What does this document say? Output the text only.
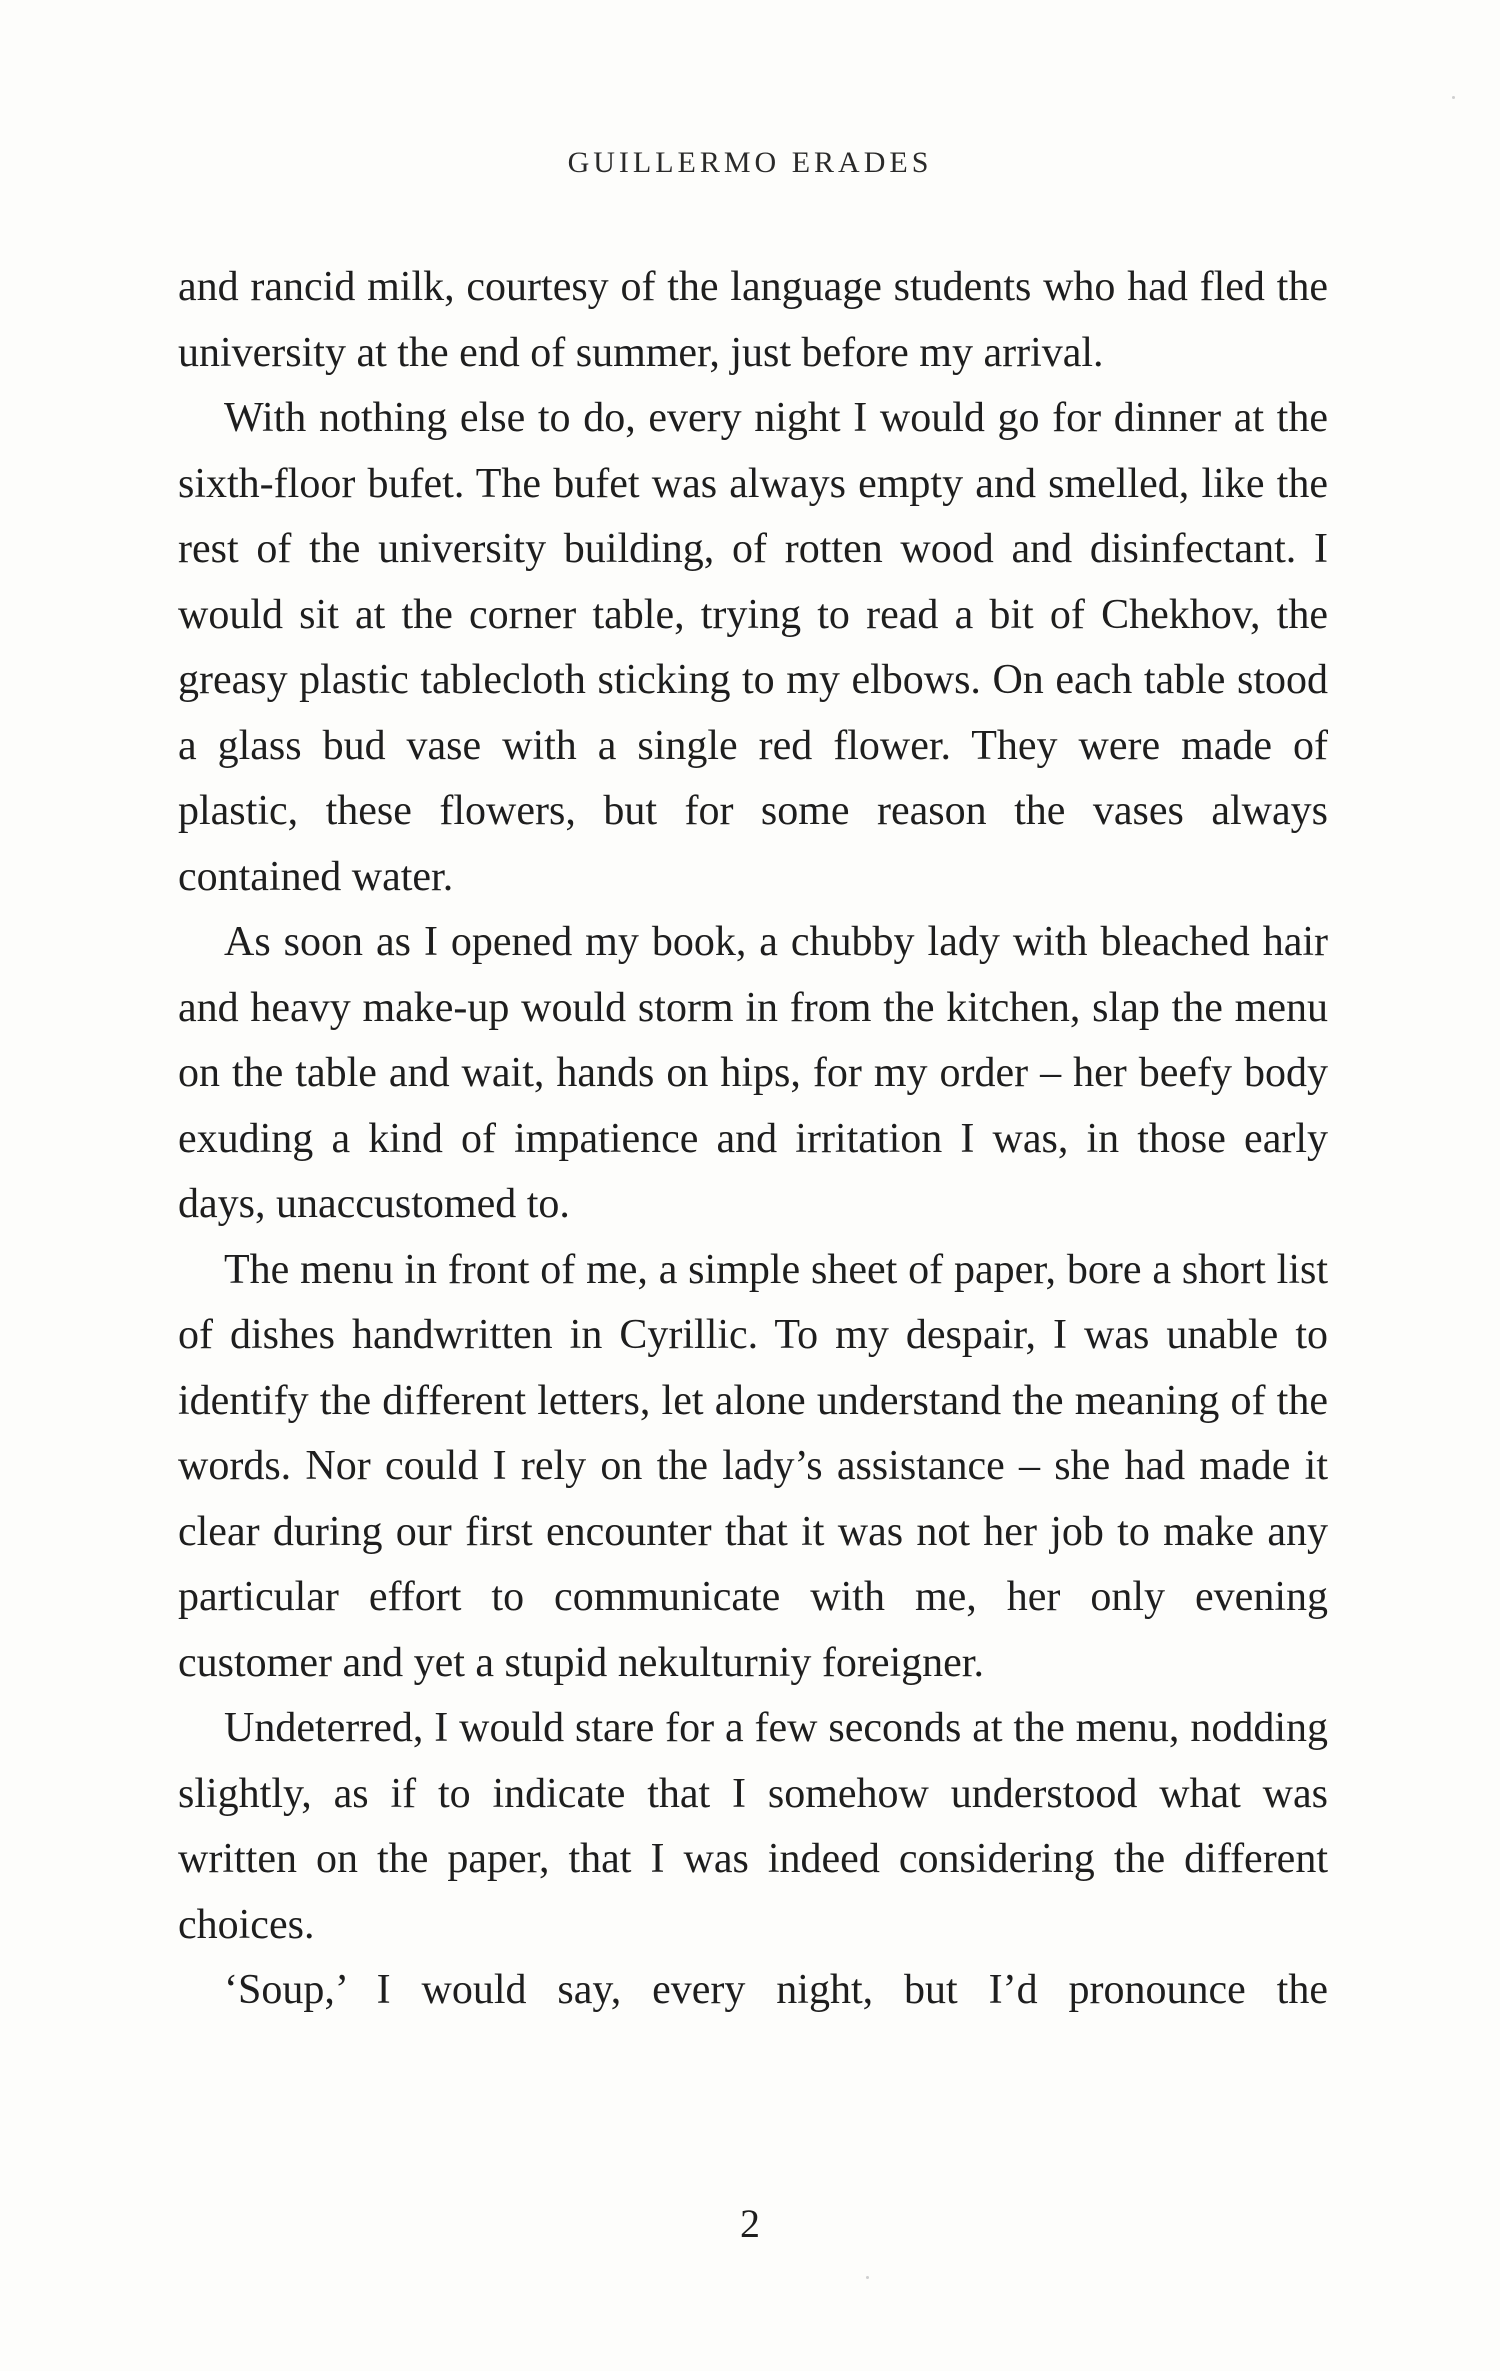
GUILLERMO ERADES

and rancid milk, courtesy of the language students who had fled the university at the end of summer, just before my arrival.

With nothing else to do, every night I would go for dinner at the sixth-floor bufet. The bufet was always empty and smelled, like the rest of the university building, of rotten wood and disinfectant. I would sit at the corner table, trying to read a bit of Chekhov, the greasy plastic tablecloth sticking to my elbows. On each table stood a glass bud vase with a single red flower. They were made of plastic, these flowers, but for some reason the vases always contained water.

As soon as I opened my book, a chubby lady with bleached hair and heavy make-up would storm in from the kitchen, slap the menu on the table and wait, hands on hips, for my order – her beefy body exuding a kind of impatience and irritation I was, in those early days, unaccustomed to.

The menu in front of me, a simple sheet of paper, bore a short list of dishes handwritten in Cyrillic. To my despair, I was unable to identify the different letters, let alone understand the meaning of the words. Nor could I rely on the lady’s assistance – she had made it clear during our first encounter that it was not her job to make any particular effort to communicate with me, her only evening customer and yet a stupid nekulturniy foreigner.

Undeterred, I would stare for a few seconds at the menu, nodding slightly, as if to indicate that I somehow understood what was written on the paper, that I was indeed considering the different choices.

‘Soup,’ I would say, every night, but I’d pronounce the

2
